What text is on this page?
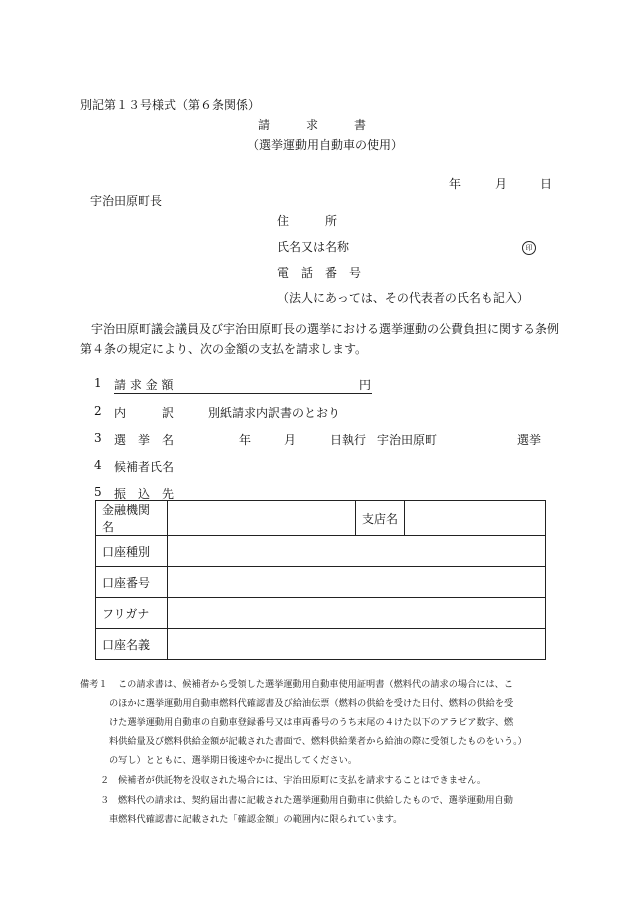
別記第１３号様式（第６条関係）
請　　　求　　　書
（選挙運動用自動車の使用）
年	月	日
宇治田原町長
住　　　所
氏名又は名称	印
電　話　番　号
（法人にあっては、その代表者の氏名も記入）
宇治田原町議会議員及び宇治田原町長の選挙における選挙運動の公費負担に関する条例
第４条の規定により、次の金額の支払を請求します。
1 請 求 金 額	円
2 内　　　訳	別紙請求内訳書のとおり
3 選　挙　名	年	月	日執行 宇治田原町	選挙
4 候補者氏名
5 振　込　先
金融機関名		支店名	
口座種別			
口座番号			
フリガナ			
口座名義			
備考１ この請求書は、候補者から受領した選挙運動用自動車使用証明書（燃料代の請求の場合には、こ
のほかに選挙運動用自動車燃料代確認書及び給油伝票（燃料の供給を受けた日付、燃料の供給を受
けた選挙運動用自動車の自動車登録番号又は車両番号のうち末尾の４けた以下のアラビア数字、燃
料供給量及び燃料供給金額が記載された書面で、燃料供給業者から給油の際に受領したものをいう。）
の写し）とともに、選挙期日後速やかに提出してください。
２ 候補者が供託物を没収された場合には、宇治田原町に支払を請求することはできません。
３ 燃料代の請求は、契約届出書に記載された選挙運動用自動車に供給したもので、選挙運動用自動
車燃料代確認書に記載された「確認金額」の範囲内に限られています。
